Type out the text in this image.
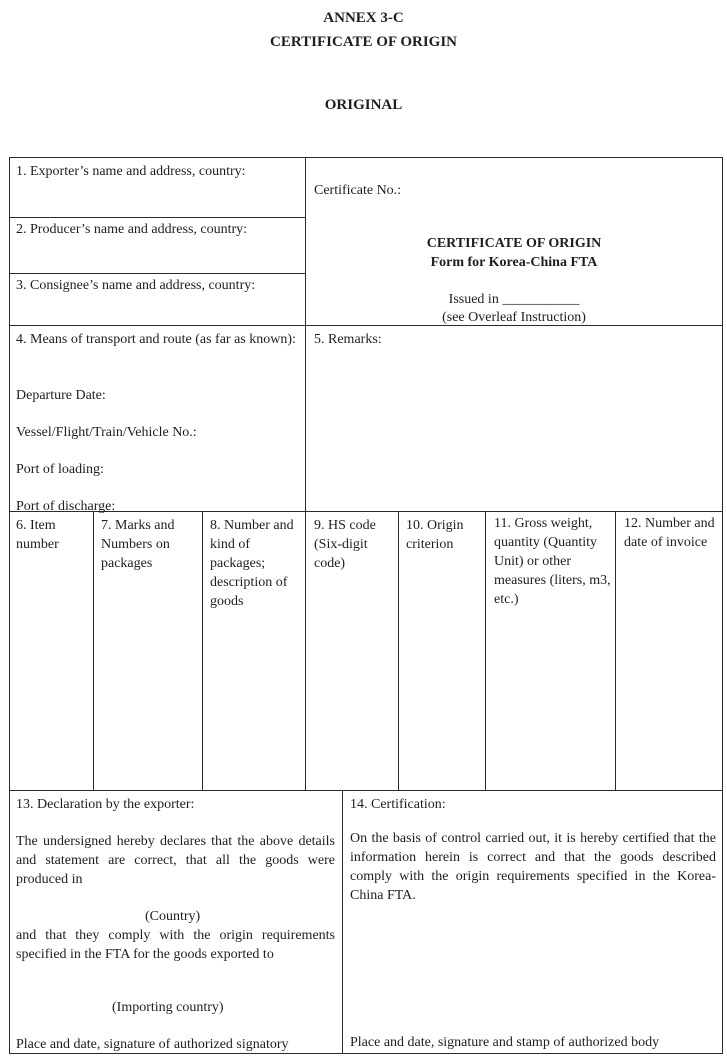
ANNEX 3-C
CERTIFICATE OF ORIGIN
ORIGINAL
1. Exporter’s name and address, country:
2. Producer’s name and address, country:
3. Consignee’s name and address, country:
Certificate No.:
CERTIFICATE OF ORIGIN
Form for Korea-China FTA
Issued in ___________
(see Overleaf Instruction)
4. Means of transport and route (as far as known):
Departure Date:
Vessel/Flight/Train/Vehicle No.:
Port of loading:
Port of discharge:
5. Remarks:
6. Item number
7. Marks and Numbers on packages
8. Number and kind of packages; description of goods
9. HS code (Six-digit code)
10. Origin criterion
11. Gross weight, quantity (Quantity Unit) or other measures (liters, m3, etc.)
12. Number and date of invoice
13. Declaration by the exporter:
The undersigned hereby declares that the above details and statement are correct, that all the goods were produced in
(Country)
and that they comply with the origin requirements specified in the FTA for the goods exported to
(Importing country)
Place and date, signature of authorized signatory
14. Certification:
On the basis of control carried out, it is hereby certified that the information herein is correct and that the goods described comply with the origin requirements specified in the Korea-China FTA.
Place and date, signature and stamp of authorized body
